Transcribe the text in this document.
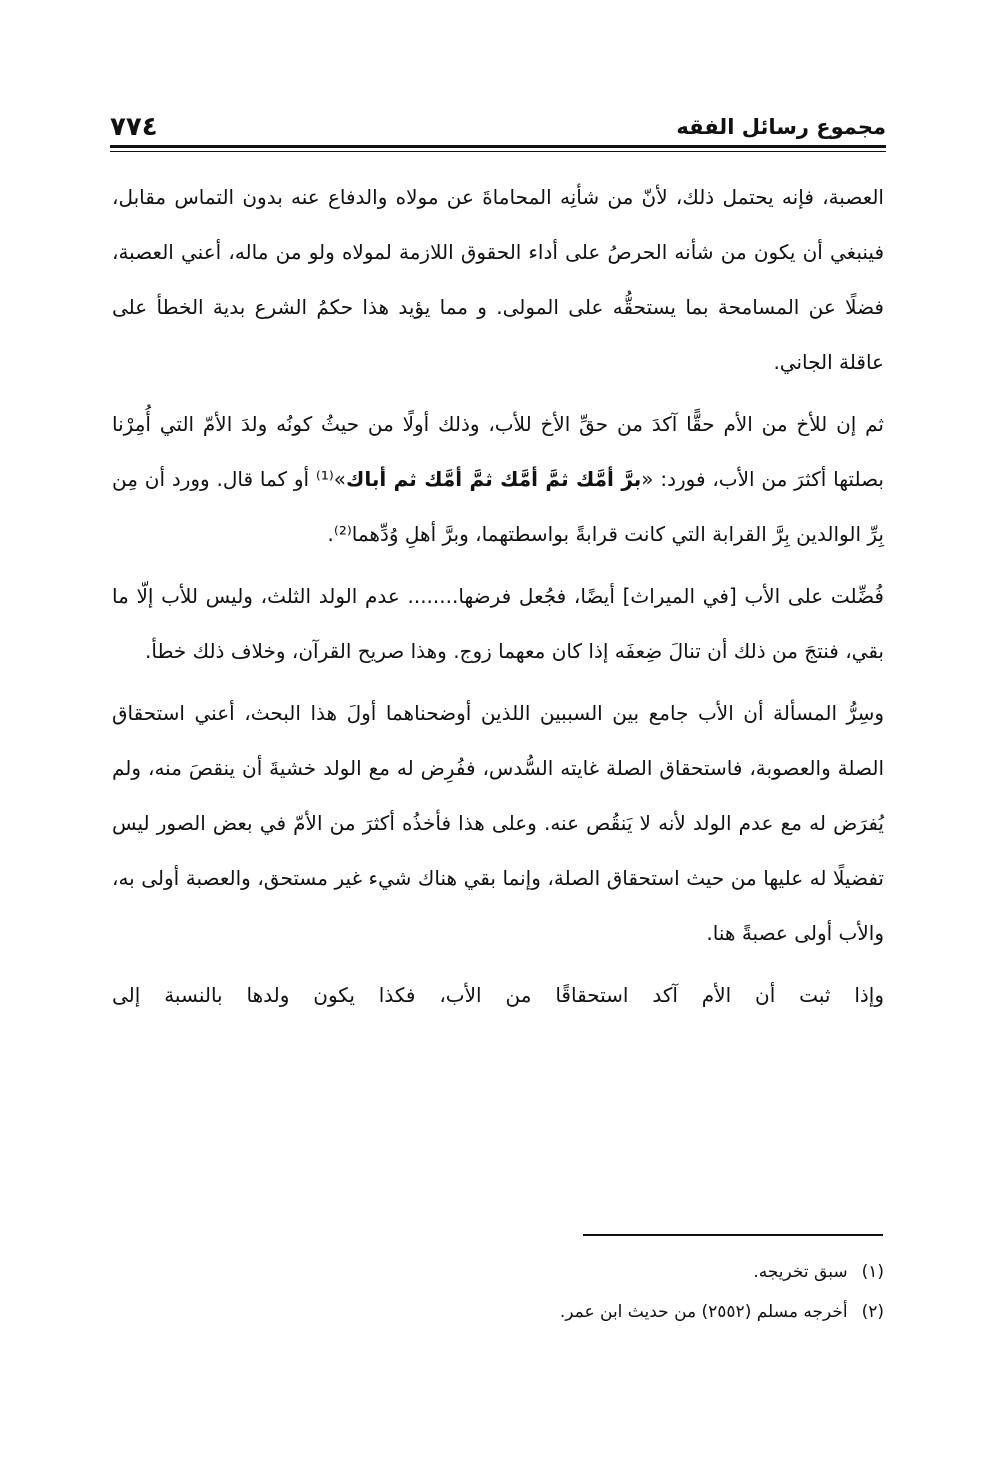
مجموع رسائل الفقه
٧٧٤

العصبة، فإنه يحتمل ذلك، لأنّ من شأنِه المحاماةَ عن مولاه والدفاع عنه بدون التماس مقابل، فينبغي أن يكون من شأنه الحرصُ على أداء الحقوق اللازمة لمولاه ولو من ماله، أعني العصبة، فضلًا عن المسامحة بما يستحقُّه على المولى. و مما يؤيد هذا حكمُ الشرع بدية الخطأ على عاقلة الجاني.

ثم إن للأخ من الأم حقًّا آكدَ من حقِّ الأخ للأب، وذلك أولًا من حيثُ كونُه ولدَ الأمّ التي أُمِرْنا بصلتها أكثرَ من الأب، فورد: «برَّ أمَّك ثمَّ أمَّك ثمَّ أمَّك ثم أباك»⁽¹⁾ أو كما قال. وورد أن مِن بِرِّ الوالدين بِرَّ القرابة التي كانت قرابةً بواسطتهما، وبرَّ أهلِ وُدِّهما⁽²⁾.

فُضِّلت على الأب [في الميراث] أيضًا، فجُعل فرضها........ عدم الولد الثلث، وليس للأب إلّا ما بقي، فنتجَ من ذلك أن تنالَ ضِعفَه إذا كان معهما زوج. وهذا صريح القرآن، وخلاف ذلك خطأ.

وسِرُّ المسألة أن الأب جامع بين السببين اللذين أوضحناهما أولَ هذا البحث، أعني استحقاق الصلة والعصوبة، فاستحقاق الصلة غايته السُّدس، ففُرِض له مع الولد خشيةَ أن ينقصَ منه، ولم يُفرَض له مع عدم الولد لأنه لا يَنقُص عنه. وعلى هذا فأخذُه أكثرَ من الأمّ في بعض الصور ليس تفضيلًا له عليها من حيث استحقاق الصلة، وإنما بقي هناك شيء غير مستحق، والعصبة أولى به، والأب أولى عصبةً هنا.

وإذا ثبت أن الأم آكد استحقاقًا من الأب، فكذا يكون ولدها بالنسبة إلى

(١)
سبق تخريجه.
(٢)
أخرجه مسلم (٢٥٥٢) من حديث ابن عمر.
